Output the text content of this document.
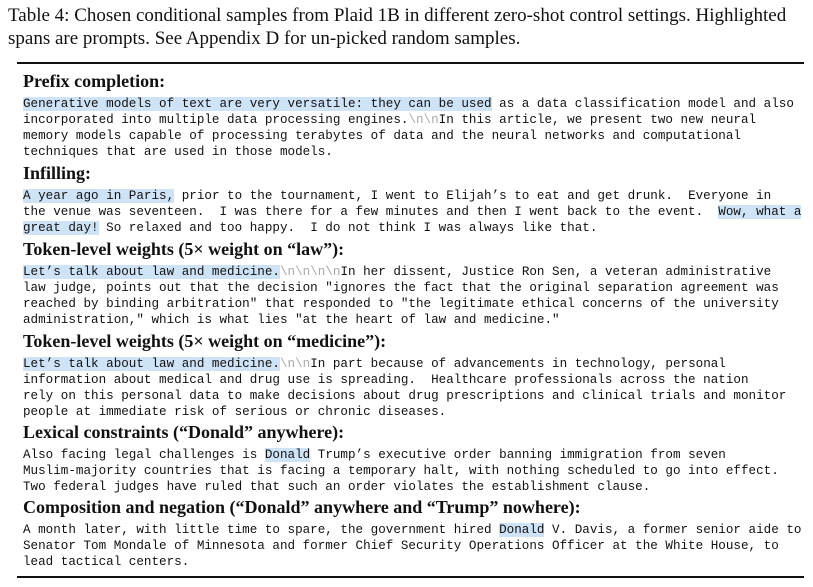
Table 4: Chosen conditional samples from Plaid 1B in different zero-shot control settings. Highlighted
spans are prompts. See Appendix D for un-picked random samples.
Prefix completion:
Generative models of text are very versatile: they can be used as a data classification model and also
incorporated into multiple data processing engines.\n\nIn this article, we present two new neural
memory models capable of processing terabytes of data and the neural networks and computational
techniques that are used in those models.
Infilling:
A year ago in Paris, prior to the tournament, I went to Elijah’s to eat and get drunk.  Everyone in
the venue was seventeen.  I was there for a few minutes and then I went back to the event.  Wow, what a
great day! So relaxed and too happy.  I do not think I was always like that.
Token-level weights (5× weight on “law”):
Let’s talk about law and medicine.\n\n\n\nIn her dissent, Justice Ron Sen, a veteran administrative
law judge, points out that the decision "ignores the fact that the original separation agreement was
reached by binding arbitration" that responded to "the legitimate ethical concerns of the university
administration," which is what lies "at the heart of law and medicine."
Token-level weights (5× weight on “medicine”):
Let’s talk about law and medicine.\n\nIn part because of advancements in technology, personal
information about medical and drug use is spreading.  Healthcare professionals across the nation
rely on this personal data to make decisions about drug prescriptions and clinical trials and monitor
people at immediate risk of serious or chronic diseases.
Lexical constraints (“Donald” anywhere):
Also facing legal challenges is Donald Trump’s executive order banning immigration from seven
Muslim-majority countries that is facing a temporary halt, with nothing scheduled to go into effect.
Two federal judges have ruled that such an order violates the establishment clause.
Composition and negation (“Donald” anywhere and “Trump” nowhere):
A month later, with little time to spare, the government hired Donald V. Davis, a former senior aide to
Senator Tom Mondale of Minnesota and former Chief Security Operations Officer at the White House, to
lead tactical centers.
